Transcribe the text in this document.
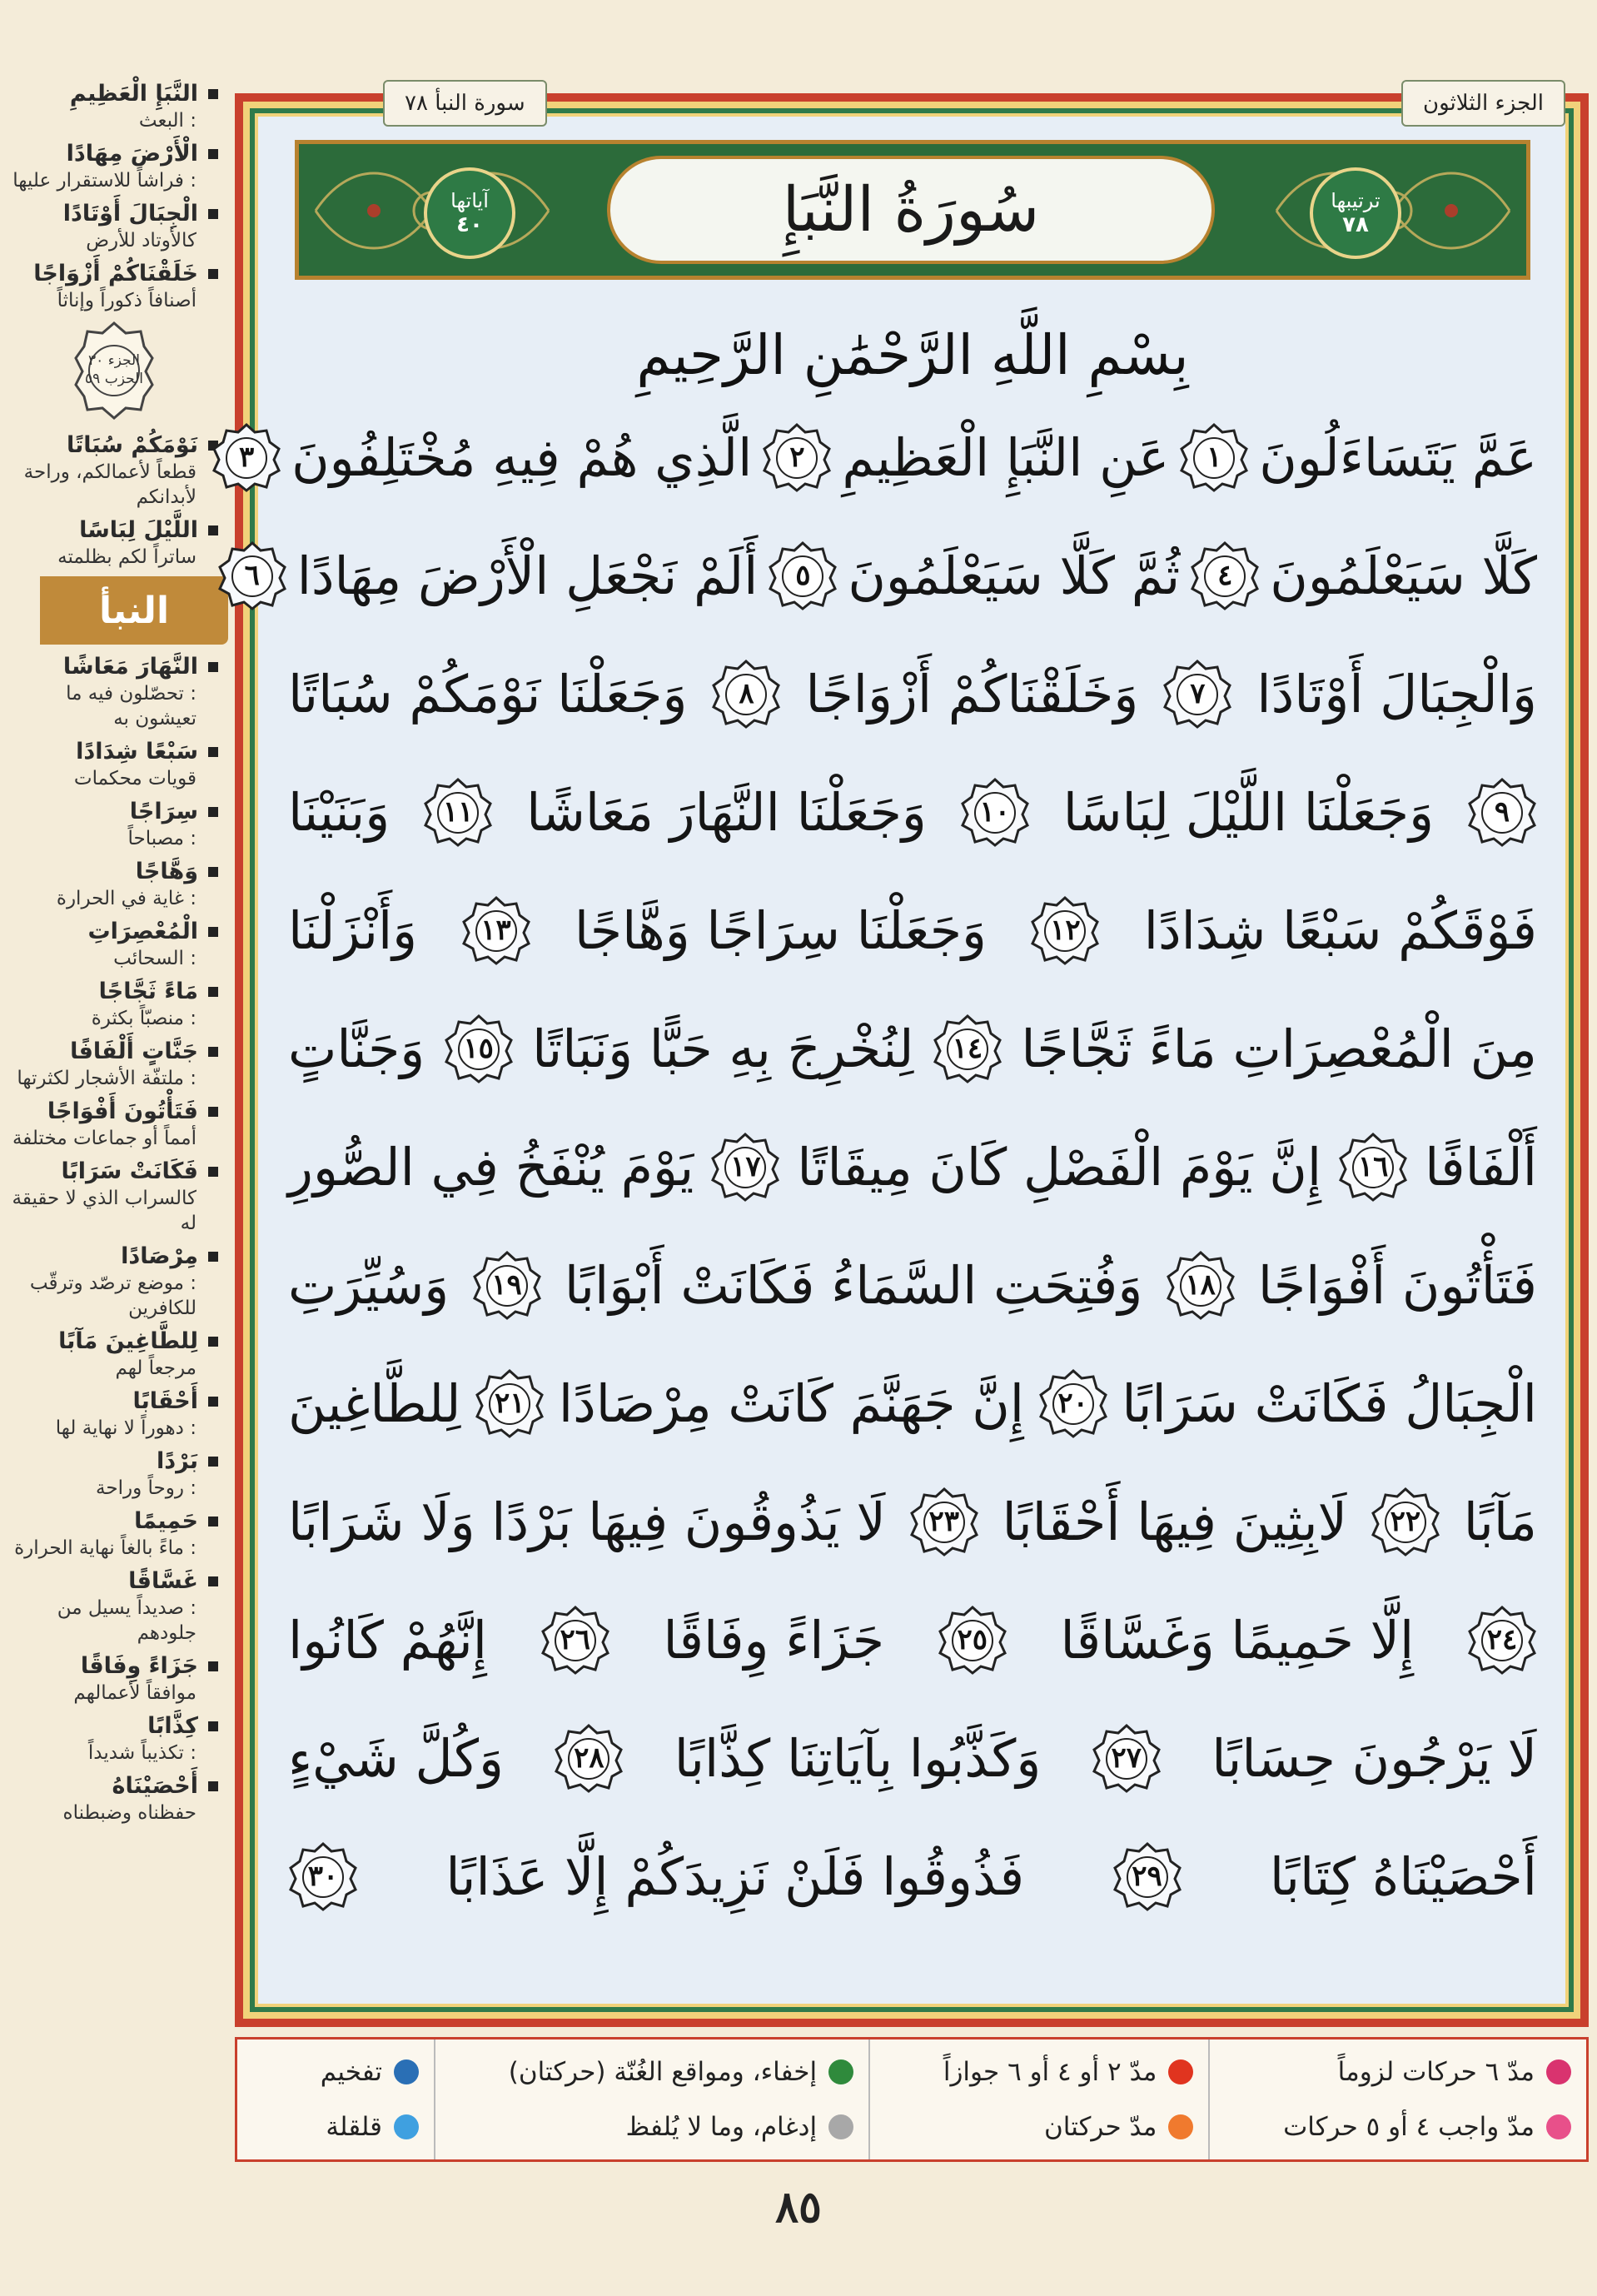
النَّبَإِ الْعَظِيمِ
: البعث
الْأَرْضَ مِهَادًا
: فراشاً للاستقرار عليها
الْجِبَالَ أَوْتَادًا
كالأوتاد للأرض
خَلَقْنَاكُمْ أَزْوَاجًا
أصنافاً ذكوراً وإناثاً
الجزء ٣٠
الحزب ٥٩
نَوْمَكُمْ سُبَاتًا
قطعاً لأعمالكم، وراحة لأبدانكم
اللَّيْلَ لِبَاسًا
ساتراً لكم بظلمته
النبأ
النَّهَارَ مَعَاشًا
: تحصّلون فيه ما تعيشون به
سَبْعًا شِدَادًا
قويات محكمات
سِرَاجًا
: مصباحاً
وَهَّاجًا
: غاية في الحرارة
الْمُعْصِرَاتِ
: السحائب
مَاءً ثَجَّاجًا
: منصبّاً بكثرة
جَنَّاتٍ أَلْفَافًا
: ملتفّة الأشجار لكثرتها
فَتَأْتُونَ أَفْوَاجًا
أمماً أو جماعات مختلفة
فَكَانَتْ سَرَابًا
كالسراب الذي لا حقيقة له
مِرْصَادًا
: موضع ترصّد وترقّب للكافرين
لِلطَّاغِينَ مَآبًا
مرجعاً لهم
أَحْقَابًا
: دهوراً لا نهاية لها
بَرْدًا
: روحاً وراحة
حَمِيمًا
: ماءً بالغاً نهاية الحرارة
غَسَّاقًا
: صديداً يسيل من جلودهم
جَزَاءً وِفَاقًا
موافقاً لأعمالهم
كِذَّابًا
: تكذيباً شديداً
أَحْصَيْنَاهُ
حفظناه وضبطناه
الجزء الثلاثون
سورة النبأ ٧٨
ترتيبها
٧٨
سُورَةُ النَّبَإِ
آياتها
٤٠
بِسْمِ اللَّهِ الرَّحْمَٰنِ الرَّحِيمِ
عَمَّ يَتَسَاءَلُونَ
١
عَنِ النَّبَإِ الْعَظِيمِ
٢
الَّذِي هُمْ فِيهِ مُخْتَلِفُونَ
٣
كَلَّا سَيَعْلَمُونَ
٤
ثُمَّ كَلَّا سَيَعْلَمُونَ
٥
أَلَمْ نَجْعَلِ الْأَرْضَ مِهَادًا
٦
وَالْجِبَالَ أَوْتَادًا
٧
وَخَلَقْنَاكُمْ أَزْوَاجًا
٨
وَجَعَلْنَا نَوْمَكُمْ سُبَاتًا
٩
وَجَعَلْنَا اللَّيْلَ لِبَاسًا
١٠
وَجَعَلْنَا النَّهَارَ مَعَاشًا
١١
وَبَنَيْنَا
فَوْقَكُمْ سَبْعًا شِدَادًا
١٢
وَجَعَلْنَا سِرَاجًا وَهَّاجًا
١٣
وَأَنْزَلْنَا
مِنَ الْمُعْصِرَاتِ مَاءً ثَجَّاجًا
١٤
لِنُخْرِجَ بِهِ حَبًّا وَنَبَاتًا
١٥
وَجَنَّاتٍ
أَلْفَافًا
١٦
إِنَّ يَوْمَ الْفَصْلِ كَانَ مِيقَاتًا
١٧
يَوْمَ يُنْفَخُ فِي الصُّورِ
فَتَأْتُونَ أَفْوَاجًا
١٨
وَفُتِحَتِ السَّمَاءُ فَكَانَتْ أَبْوَابًا
١٩
وَسُيِّرَتِ
الْجِبَالُ فَكَانَتْ سَرَابًا
٢٠
إِنَّ جَهَنَّمَ كَانَتْ مِرْصَادًا
٢١
لِلطَّاغِينَ
مَآبًا
٢٢
لَابِثِينَ فِيهَا أَحْقَابًا
٢٣
لَا يَذُوقُونَ فِيهَا بَرْدًا وَلَا شَرَابًا
٢٤
إِلَّا حَمِيمًا وَغَسَّاقًا
٢٥
جَزَاءً وِفَاقًا
٢٦
إِنَّهُمْ كَانُوا
لَا يَرْجُونَ حِسَابًا
٢٧
وَكَذَّبُوا بِآيَاتِنَا كِذَّابًا
٢٨
وَكُلَّ شَيْءٍ
أَحْصَيْنَاهُ كِتَابًا
٢٩
فَذُوقُوا فَلَنْ نَزِيدَكُمْ إِلَّا عَذَابًا
٣٠
مدّ ٦ حركات لزوماً
مدّ واجب ٤ أو ٥ حركات
مدّ ٢ أو ٤ أو ٦ جوازاً
مدّ حركتان
إخفاء، ومواقع الغُنّة (حركتان)
إدغام، وما لا يُلفظ
تفخيم
قلقلة
٨٥
